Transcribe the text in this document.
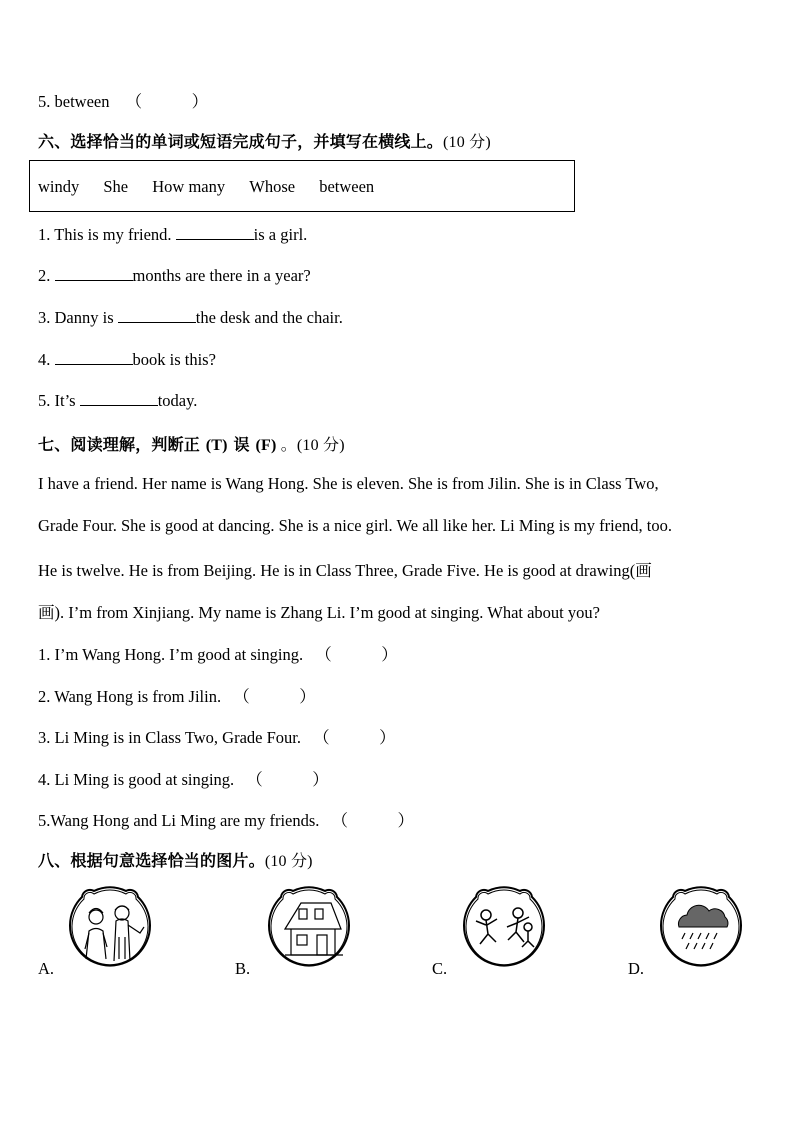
5. between （　　　）
六、选择恰当的单词或短语完成句子，并填写在横线上。(10 分)
windy She How many Whose between
1. This is my friend.	is a girl.
2.	months are there in a year?
3. Danny is	the desk and the chair.
4.	book is this?
5. It’s	today.
七、阅读理解，判断正 (T) 误 (F) 。(10 分)
I have a friend. Her name is Wang Hong. She is eleven. She is from Jilin. She is in Class Two,
Grade Four. She is good at dancing. She is a nice girl. We all like her. Li Ming is my friend, too.
He is twelve. He is from Beijing. He is in Class Three, Grade Five. He is good at drawing(画
画). I’m from Xinjiang. My name is Zhang Li. I’m good at singing. What about you?
1. I’m Wang Hong. I’m good at singing. （　　　）
2. Wang Hong is from Jilin. （　　　）
3. Li Ming is in Class Two, Grade Four. （　　　）
4. Li Ming is good at singing. （　　　）
5.Wang Hong and Li Ming are my friends. （　　　）
八、根据句意选择恰当的图片。(10 分)
A.	B.	C.	D.
